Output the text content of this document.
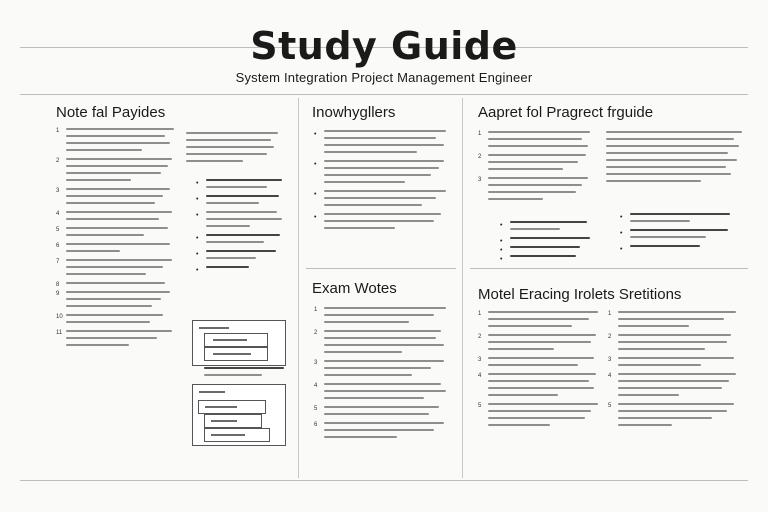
Study Guide
System Integration Project Management Engineer
Note fal Payides
1
2
3
4
5
6
7
8
9
10
11
•
•
•
•
•
•
Inowhygllers
•
•
•
•
Exam Wotes
1
2
3
4
5
6
Aapret fol Pragrect frguide
1
2
3
•
•
•
•
•
•
•
Motel Eracing Irolets Sretitions
1
2
3
4
5
1
2
3
4
5
